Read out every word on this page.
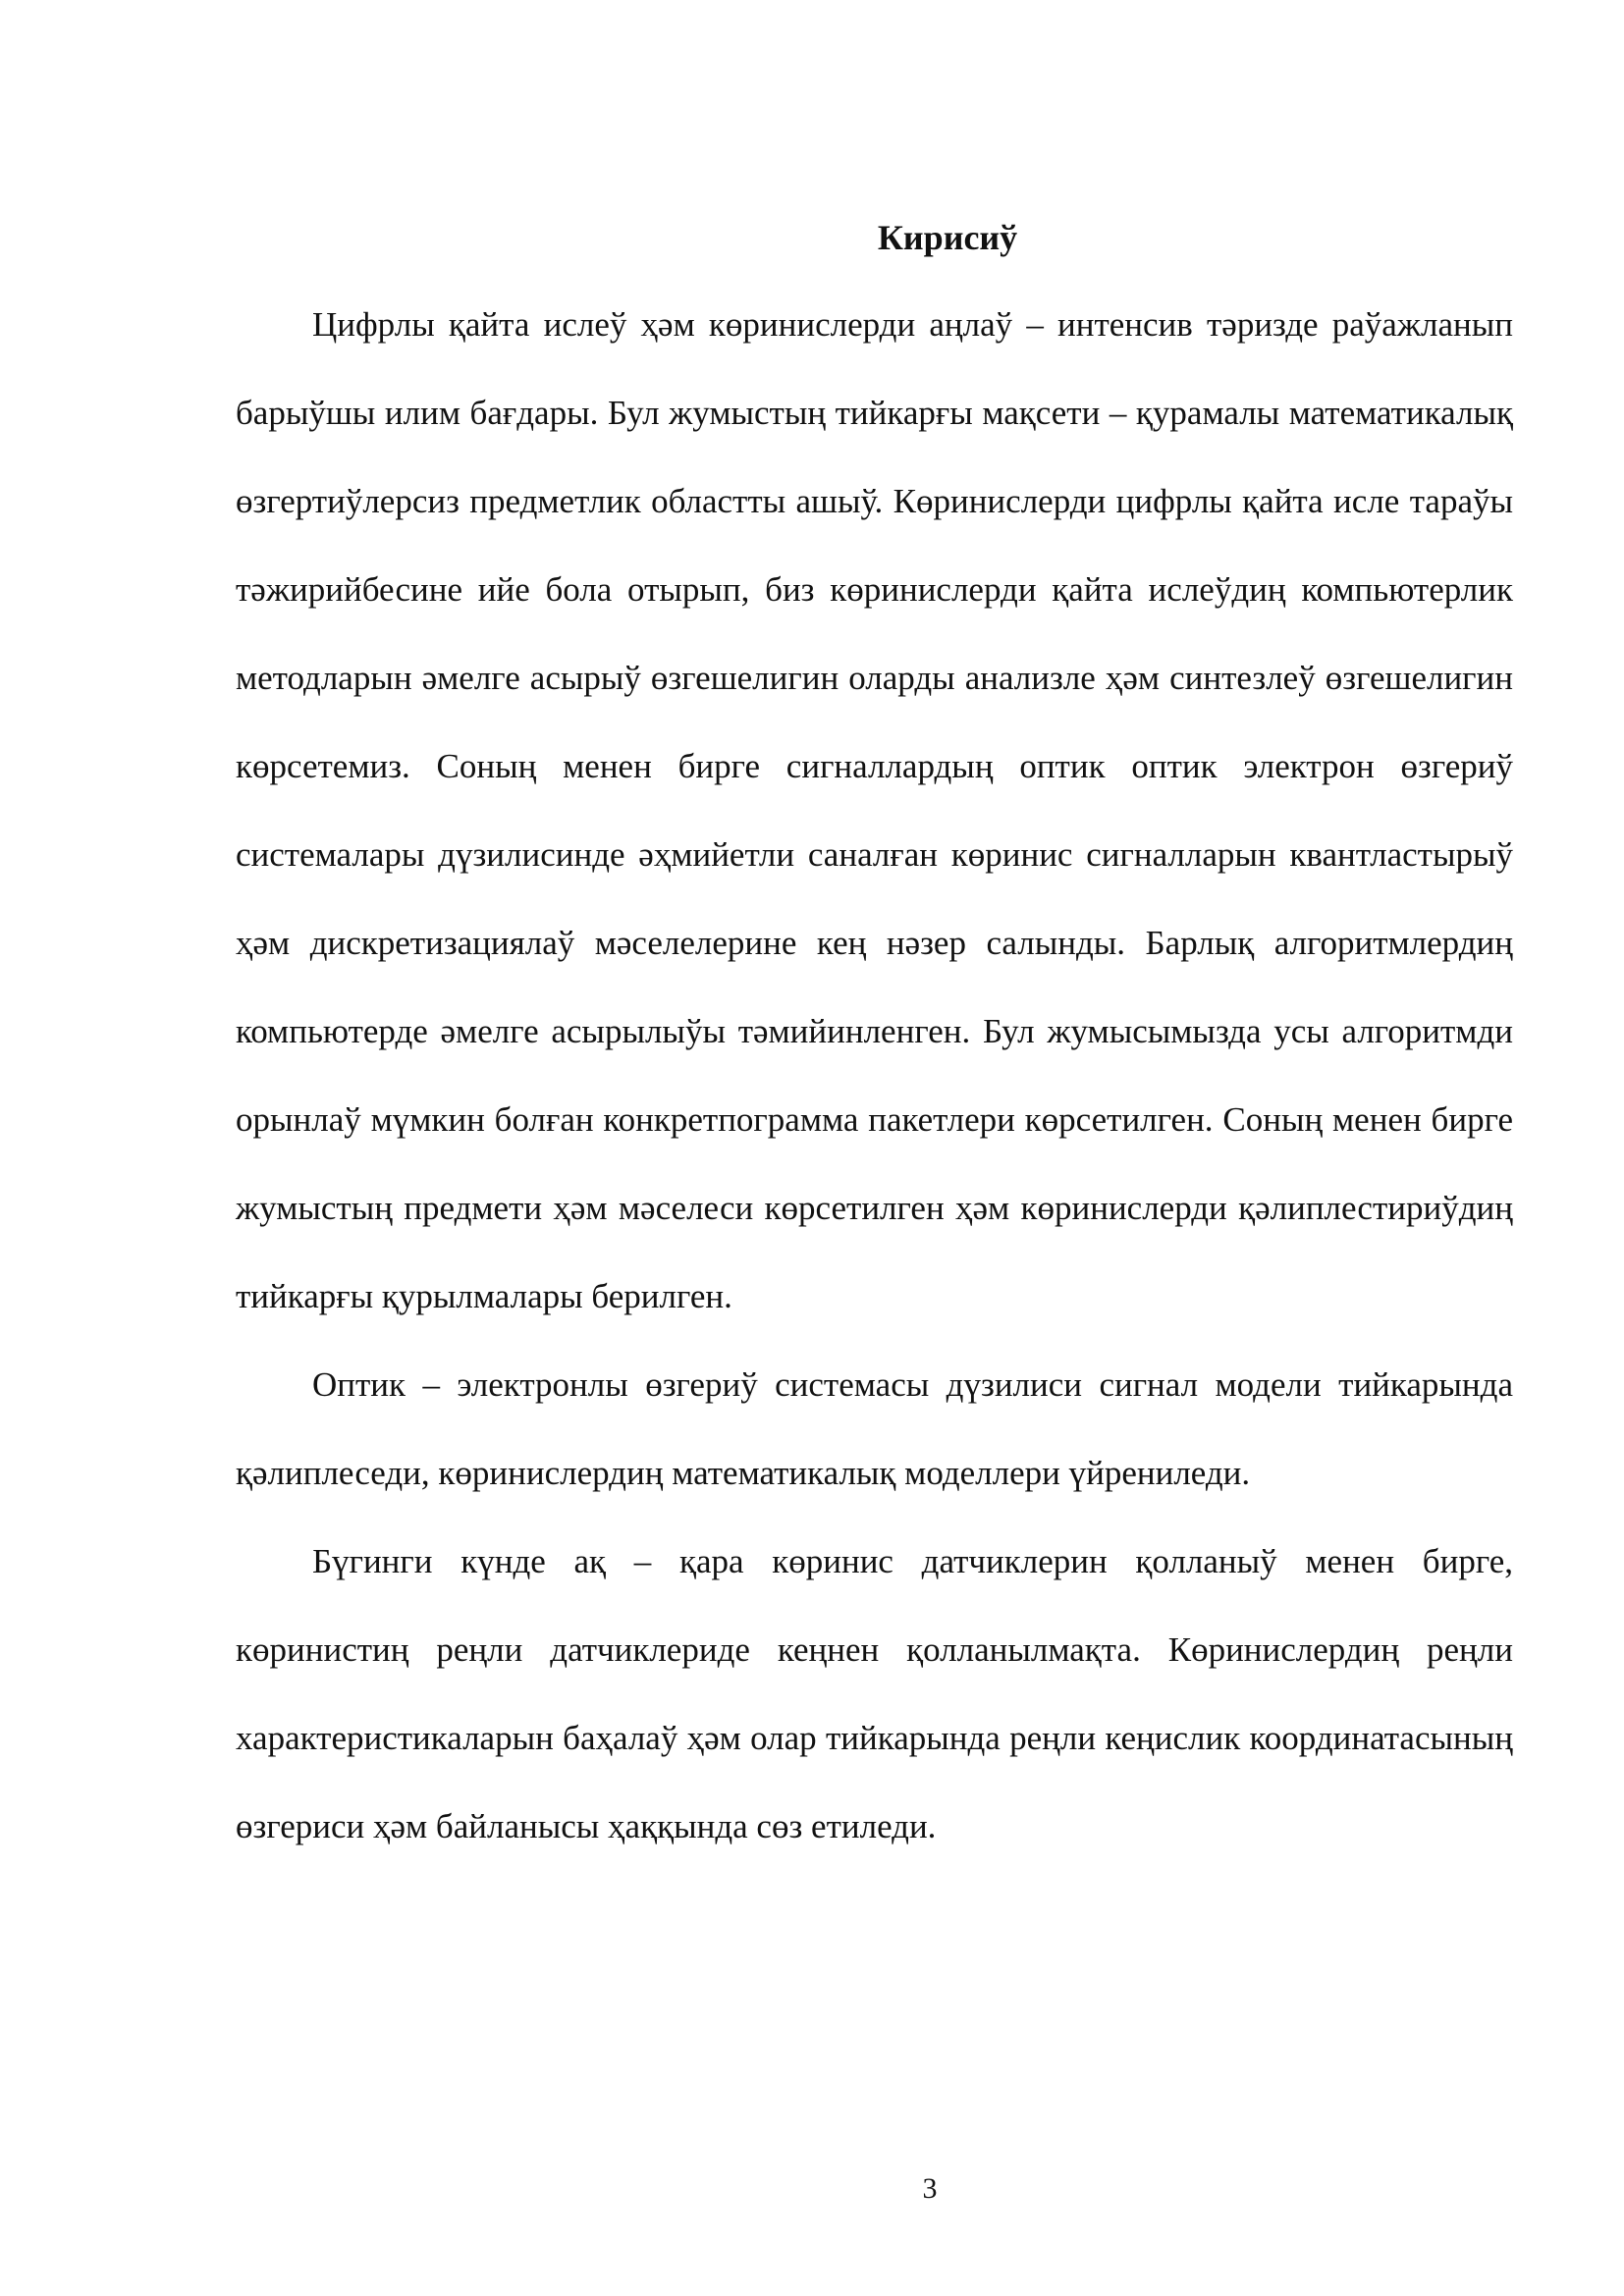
Кирисиў

Цифрлы қайта ислеў ҳәм көринислерди аңлаў – интенсив тәризде раўажланып барыўшы илим бағдары. Бул жумыстың тийкарғы мақсети – қурамалы математикалық өзгертиўлерсиз предметлик областты ашыў. Көринислерди цифрлы қайта исле тараўы тәжирийбесине ийе бола отырып, биз көринислерди қайта ислеўдиң компьютерлик методларын әмелге асырыў өзгешелигин оларды анализле ҳәм синтезлеў өзгешелигин көрсетемиз. Соның менен бирге сигналлардың оптик оптик электрон өзгериў системалары дүзилисинде әҳмийетли саналған көринис сигналларын квантластырыў ҳәм дискретизациялаў мәселелерине кең нәзер салынды. Барлық алгоритмлердиң компьютерде әмелге асырылыўы тәмийинленген. Бул жумысымызда усы алгоритмди орынлаў мүмкин болған конкретпограмма пакетлери көрсетилген. Соның менен бирге жумыстың предмети ҳәм мәселеси көрсетилген ҳәм көринислерди қәлиплестириўдиң тийкарғы қурылмалары берилген.

Оптик – электронлы өзгериў системасы дүзилиси сигнал модели тийкарында қәлиплеседи, көринислердиң математикалық моделлери үйрениледи.

Бүгинги күнде ақ – қара көринис датчиклерин қолланыў менен бирге, көринистиң реңли датчиклериде кеңнен қолланылмақта. Көринислердиң реңли характеристикаларын баҳалаў ҳәм олар тийкарында реңли кеңислик координатасының өзгериси ҳәм байланысы ҳаққында сөз етиледи.

3
